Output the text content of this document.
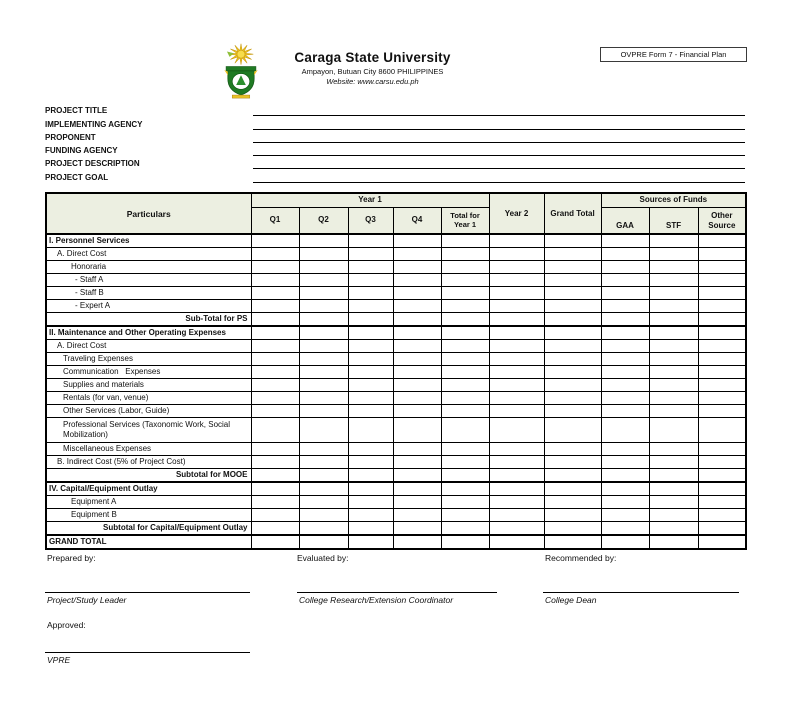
Caraga State University
Ampayon, Butuan City 8600 PHILIPPINES
Website: www.carsu.edu.ph
OVPRE Form 7 - Financial Plan
PROJECT TITLE
IMPLEMENTING AGENCY
PROPONENT
FUNDING AGENCY
PROJECT DESCRIPTION
PROJECT GOAL
Particulars	Year 1					Year 2	Grand Total	Sources of Funds		
	Q1	Q2	Q3	Q4	Total for Year 1			GAA	STF	Other Source
I. Personnel Services										
A. Direct Cost										
Honoraria										
- Staff A										
- Staff B										
- Expert A										
Sub-Total for PS										
II. Maintenance and Other Operating Expenses										
A. Direct Cost										
Traveling Expenses										
Communication   Expenses										
Supplies and materials										
Rentals (for van, venue)										
Other Services (Labor, Guide)										
Professional Services (Taxonomic Work, Social Mobilization)										
Miscellaneous Expenses										
B. Indirect Cost (5% of Project Cost)										
Subtotal for MOOE										
IV. Capital/Equipment Outlay										
Equipment A										
Equipment B										
Subtotal for Capital/Equipment Outlay										
GRAND TOTAL										
Prepared by:	Evaluated by:	Recommended by:
Project/Study Leader	College Research/Extension Coordinator	College Dean
Approved:
VPRE
